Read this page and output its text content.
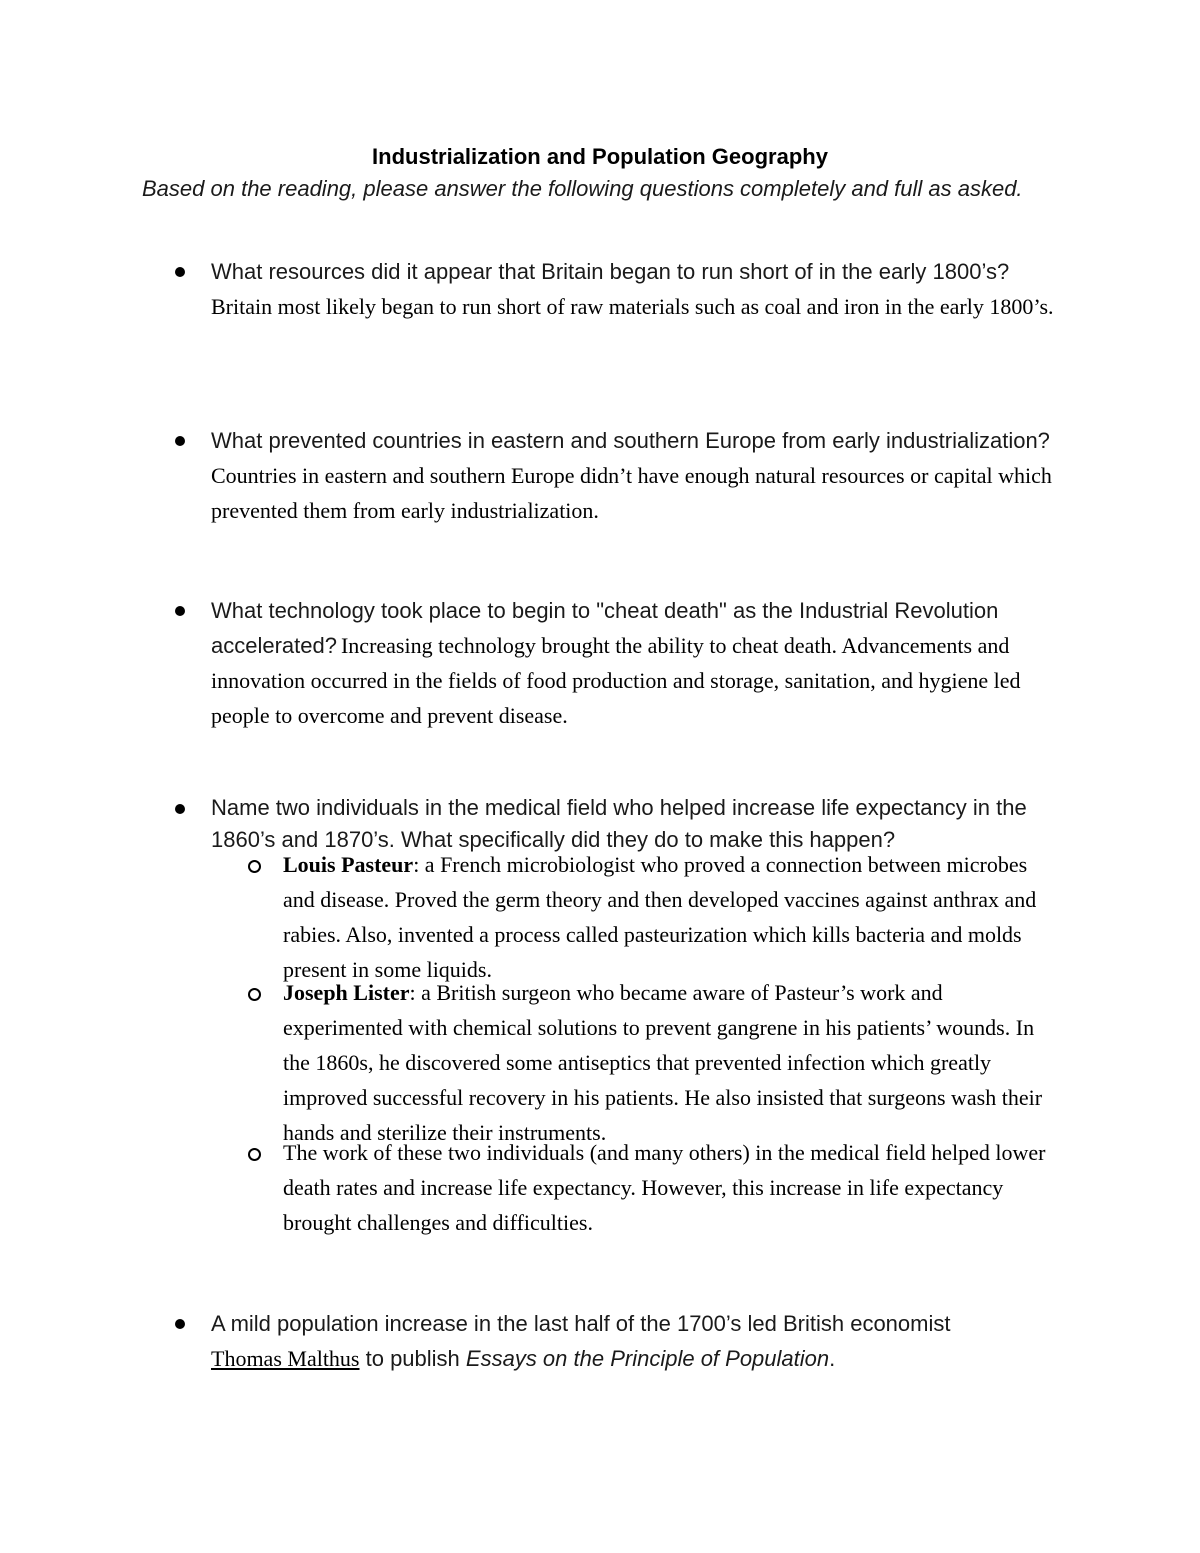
Industrialization and Population Geography
Based on the reading, please answer the following questions completely and full as asked.
What resources did it appear that Britain began to run short of in the early 1800’s? Britain most likely began to run short of raw materials such as coal and iron in the early 1800’s.
What prevented countries in eastern and southern Europe from early industrialization? Countries in eastern and southern Europe didn’t have enough natural resources or capital which prevented them from early industrialization.
What technology took place to begin to "cheat death" as the Industrial Revolution accelerated? Increasing technology brought the ability to cheat death. Advancements and innovation occurred in the fields of food production and storage, sanitation, and hygiene led people to overcome and prevent disease.
Name two individuals in the medical field who helped increase life expectancy in the 1860’s and 1870’s. What specifically did they do to make this happen?
Louis Pasteur: a French microbiologist who proved a connection between microbes and disease. Proved the germ theory and then developed vaccines against anthrax and rabies. Also, invented a process called pasteurization which kills bacteria and molds present in some liquids.
Joseph Lister: a British surgeon who became aware of Pasteur’s work and experimented with chemical solutions to prevent gangrene in his patients’ wounds. In the 1860s, he discovered some antiseptics that prevented infection which greatly improved successful recovery in his patients. He also insisted that surgeons wash their hands and sterilize their instruments.
The work of these two individuals (and many others) in the medical field helped lower death rates and increase life expectancy. However, this increase in life expectancy brought challenges and difficulties.
A mild population increase in the last half of the 1700’s led British economist
Thomas Malthus to publish Essays on the Principle of Population.
